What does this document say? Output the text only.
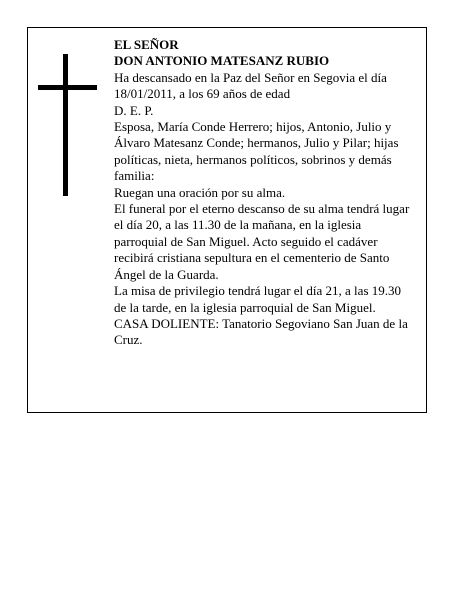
EL SEÑOR

DON ANTONIO MATESANZ RUBIO

Ha descansado en la Paz del Señor en Segovia el día 18/01/2011, a los 69 años de edad

D. E. P.

Esposa, María Conde Herrero; hijos, Antonio, Julio y Álvaro Matesanz Conde; hermanos, Julio y Pilar; hijas políticas, nieta, hermanos políticos, sobrinos y demás familia:

Ruegan una oración por su alma.

El funeral por el eterno descanso de su alma tendrá lugar el día 20, a las 11.30 de la mañana, en la iglesia parroquial de San Miguel. Acto seguido el cadáver recibirá cristiana sepultura en el cementerio de Santo Ángel de la Guarda.

La misa de privilegio tendrá lugar el día 21, a las 19.30 de la tarde, en la iglesia parroquial de San Miguel.

CASA DOLIENTE: Tanatorio Segoviano San Juan de la Cruz.
